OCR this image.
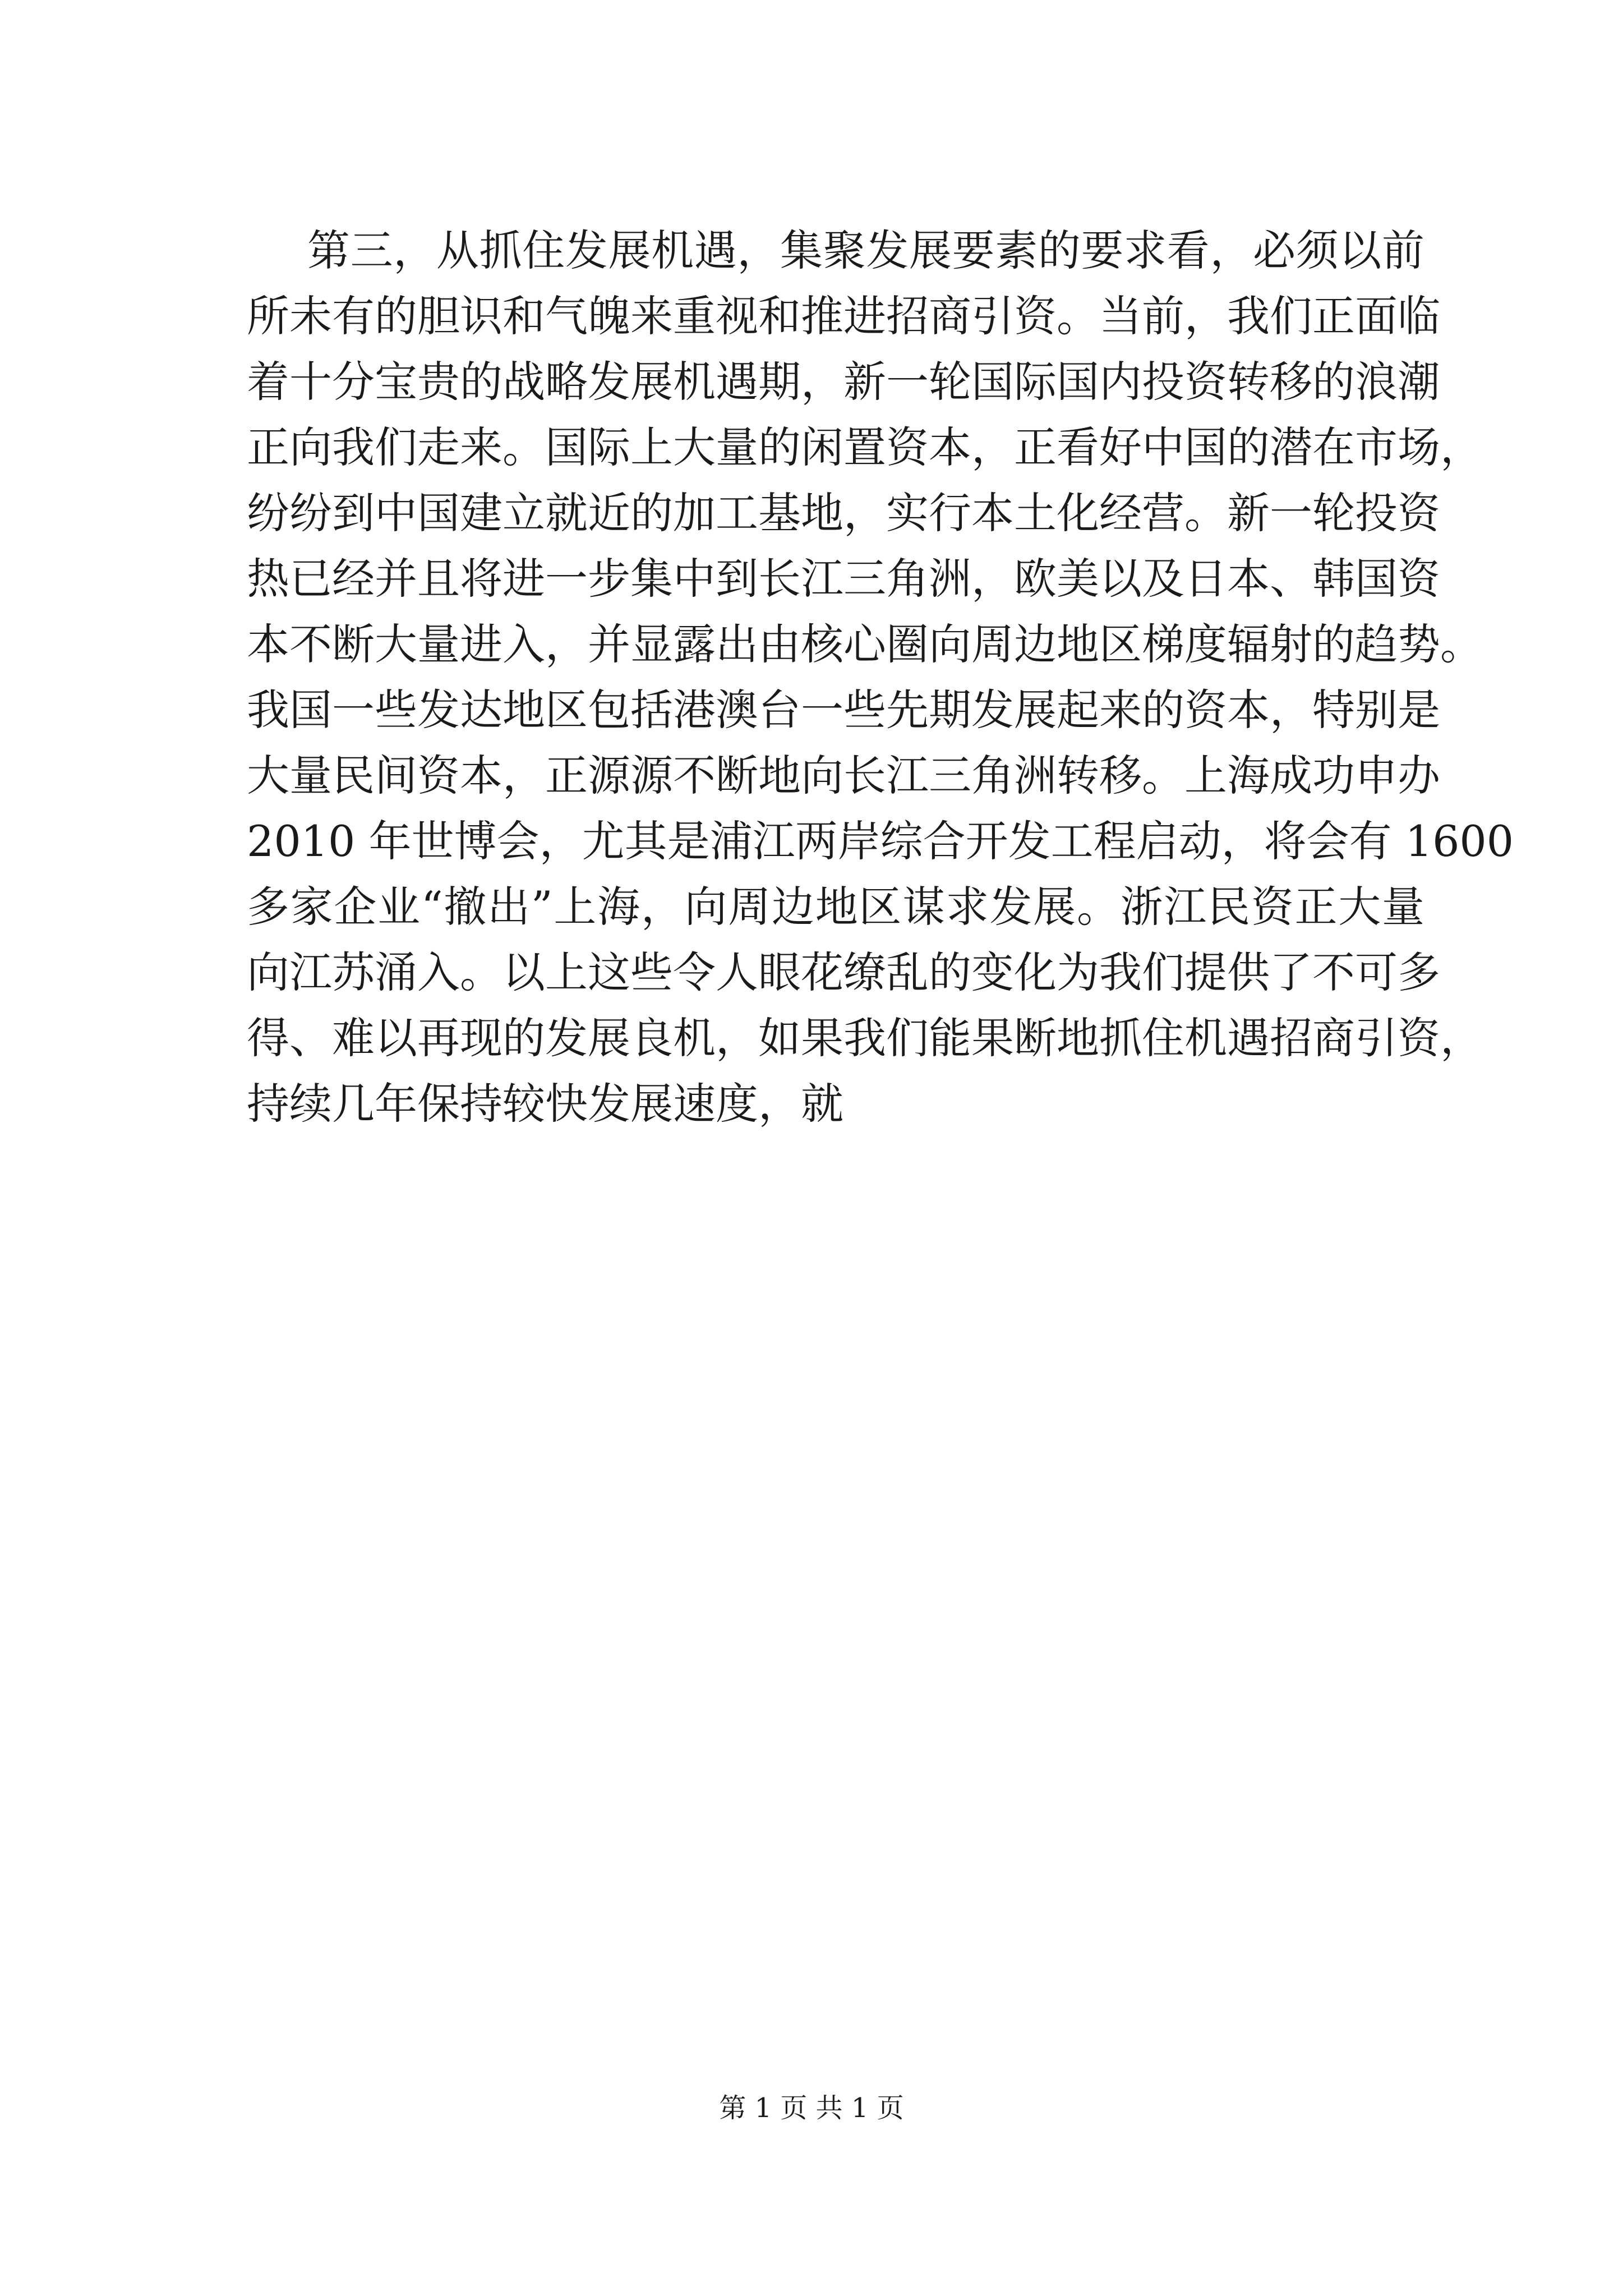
第三，从抓住发展机遇，集聚发展要素的要求看，必须以前
所未有的胆识和气魄来重视和推进招商引资。当前，我们正面临
着十分宝贵的战略发展机遇期，新一轮国际国内投资转移的浪潮
正向我们走来。国际上大量的闲置资本，正看好中国的潜在市场，
纷纷到中国建立就近的加工基地，实行本土化经营。新一轮投资
热已经并且将进一步集中到长江三角洲，欧美以及日本、韩国资
本不断大量进入，并显露出由核心圈向周边地区梯度辐射的趋势。
我国一些发达地区包括港澳台一些先期发展起来的资本，特别是
大量民间资本，正源源不断地向长江三角洲转移。上海成功申办
2010 年世博会，尤其是浦江两岸综合开发工程启动，将会有 1600
多家企业“撤出”上海，向周边地区谋求发展。浙江民资正大量
向江苏涌入。以上这些令人眼花缭乱的变化为我们提供了不可多
得、难以再现的发展良机，如果我们能果断地抓住机遇招商引资，
持续几年保持较快发展速度，就
第 1 页 共 1 页
